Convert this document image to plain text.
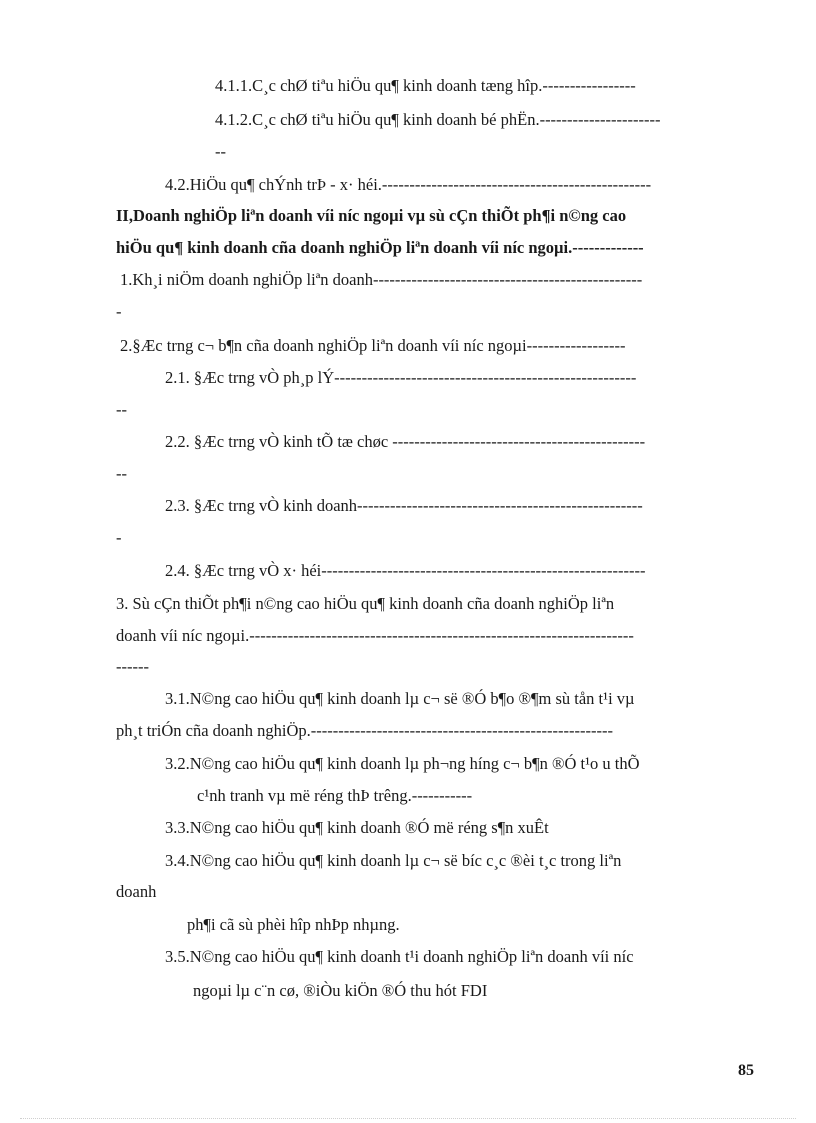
4.1.1.C¸c chØ tiªu hiÖu qu¶ kinh doanh tæng hîp.-----------------
4.1.2.C¸c chØ tiªu hiÖu qu¶ kinh doanh bé phËn.----------------------
--
4.2.HiÖu qu¶ chÝnh trÞ - x· héi.-------------------------------------------------
II,Doanh nghiÖp liªn doanh víi níc ngoµi vµ sù cÇn thiÕt ph¶i n©ng cao
hiÖu qu¶ kinh doanh cña doanh nghiÖp liªn doanh víi níc ngoµi.-------------
1.Kh¸i niÖm doanh nghiÖp liªn doanh-------------------------------------------------
-
2.§Æc trng c¬ b¶n cña doanh nghiÖp liªn doanh víi níc ngoµi------------------
2.1. §Æc trng vÒ ph¸p lÝ-------------------------------------------------------
--
2.2. §Æc trng vÒ kinh tÕ tæ chøc ----------------------------------------------
--
2.3. §Æc trng vÒ kinh doanh----------------------------------------------------
-
2.4. §Æc trng vÒ x· héi-----------------------------------------------------------
3. Sù cÇn thiÕt ph¶i n©ng cao hiÖu qu¶ kinh doanh cña doanh nghiÖp liªn
doanh víi níc ngoµi.----------------------------------------------------------------------
------
3.1.N©ng cao hiÖu qu¶ kinh doanh lµ c¬ së ®Ó b¶o ®¶m sù tån t¹i vµ
ph¸t triÓn cña doanh nghiÖp.-------------------------------------------------------
3.2.N©ng cao hiÖu qu¶ kinh doanh lµ ph¬ng híng c¬ b¶n ®Ó t¹o u thÕ
c¹nh tranh vµ më réng thÞ trêng.-----------
3.3.N©ng cao hiÖu qu¶ kinh doanh ®Ó më réng s¶n xuÊt
3.4.N©ng cao hiÖu qu¶ kinh doanh lµ c¬ së bíc c¸c ®èi t¸c trong liªn
doanh
ph¶i cã sù phèi hîp nhÞp nhµng.
3.5.N©ng cao hiÖu qu¶ kinh doanh t¹i doanh nghiÖp liªn doanh víi níc
ngoµi lµ c¨n cø, ®iÒu kiÖn ®Ó thu hót FDI
85
